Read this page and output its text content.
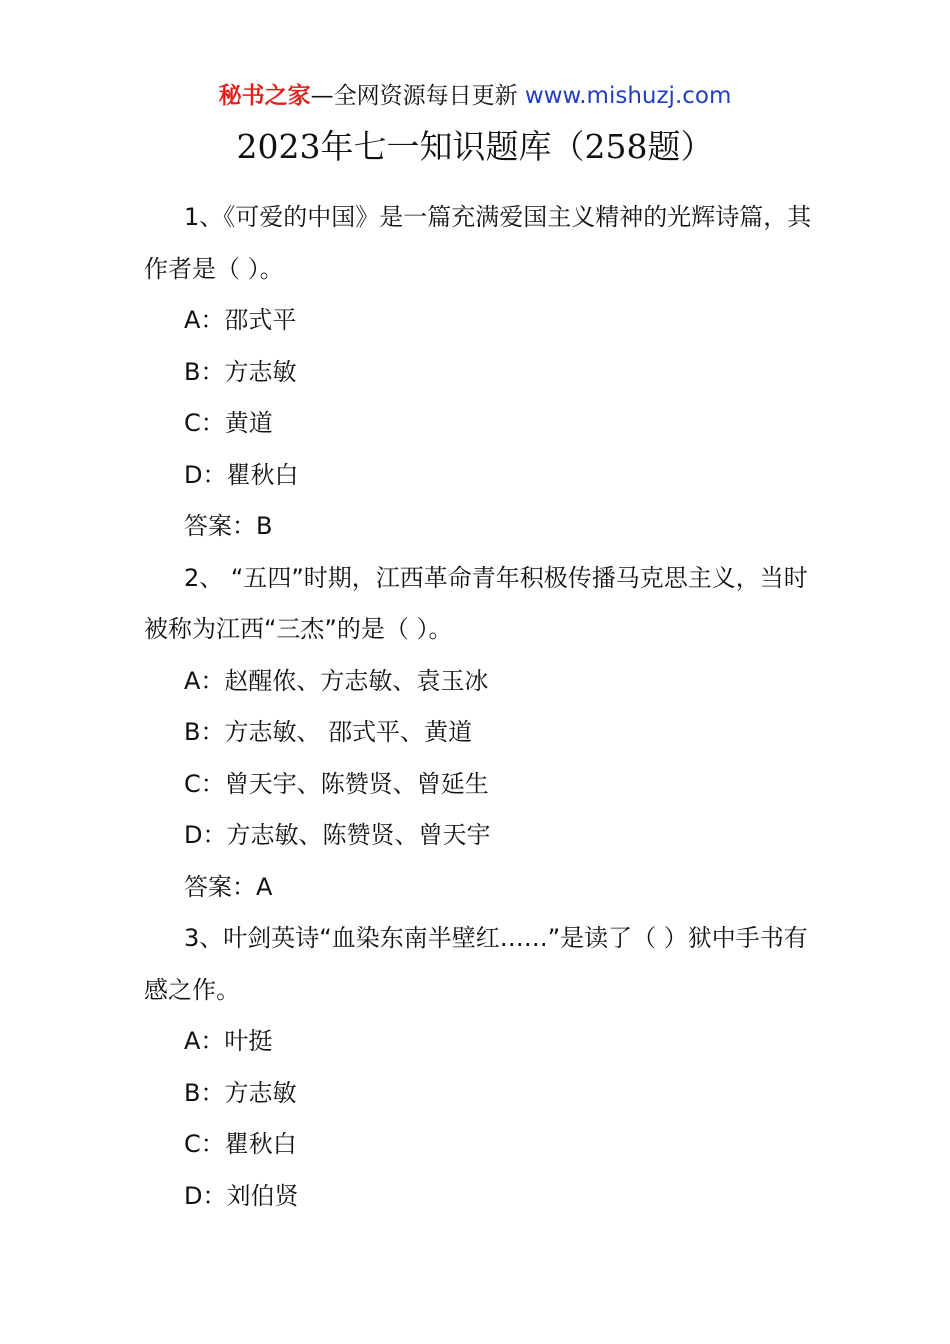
秘书之家—全网资源每日更新 www.mishuzj.com
2023年七一知识题库（258题）

1、《可爱的中国》是一篇充满爱国主义精神的光辉诗篇，其作者是（ ）。

A：邵式平

B：方志敏

C：黄道

D：瞿秋白

答案：B

2、 “五四”时期，江西革命青年积极传播马克思主义，当时被称为江西“三杰”的是（ ）。

A：赵醒侬、方志敏、袁玉冰

B：方志敏、 邵式平、黄道

C：曾天宇、陈赞贤、曾延生

D：方志敏、陈赞贤、曾天宇

答案：A

3、叶剑英诗“血染东南半壁红……”是读了（ ）狱中手书有感之作。

A：叶挺

B：方志敏

C：瞿秋白

D：刘伯贤
